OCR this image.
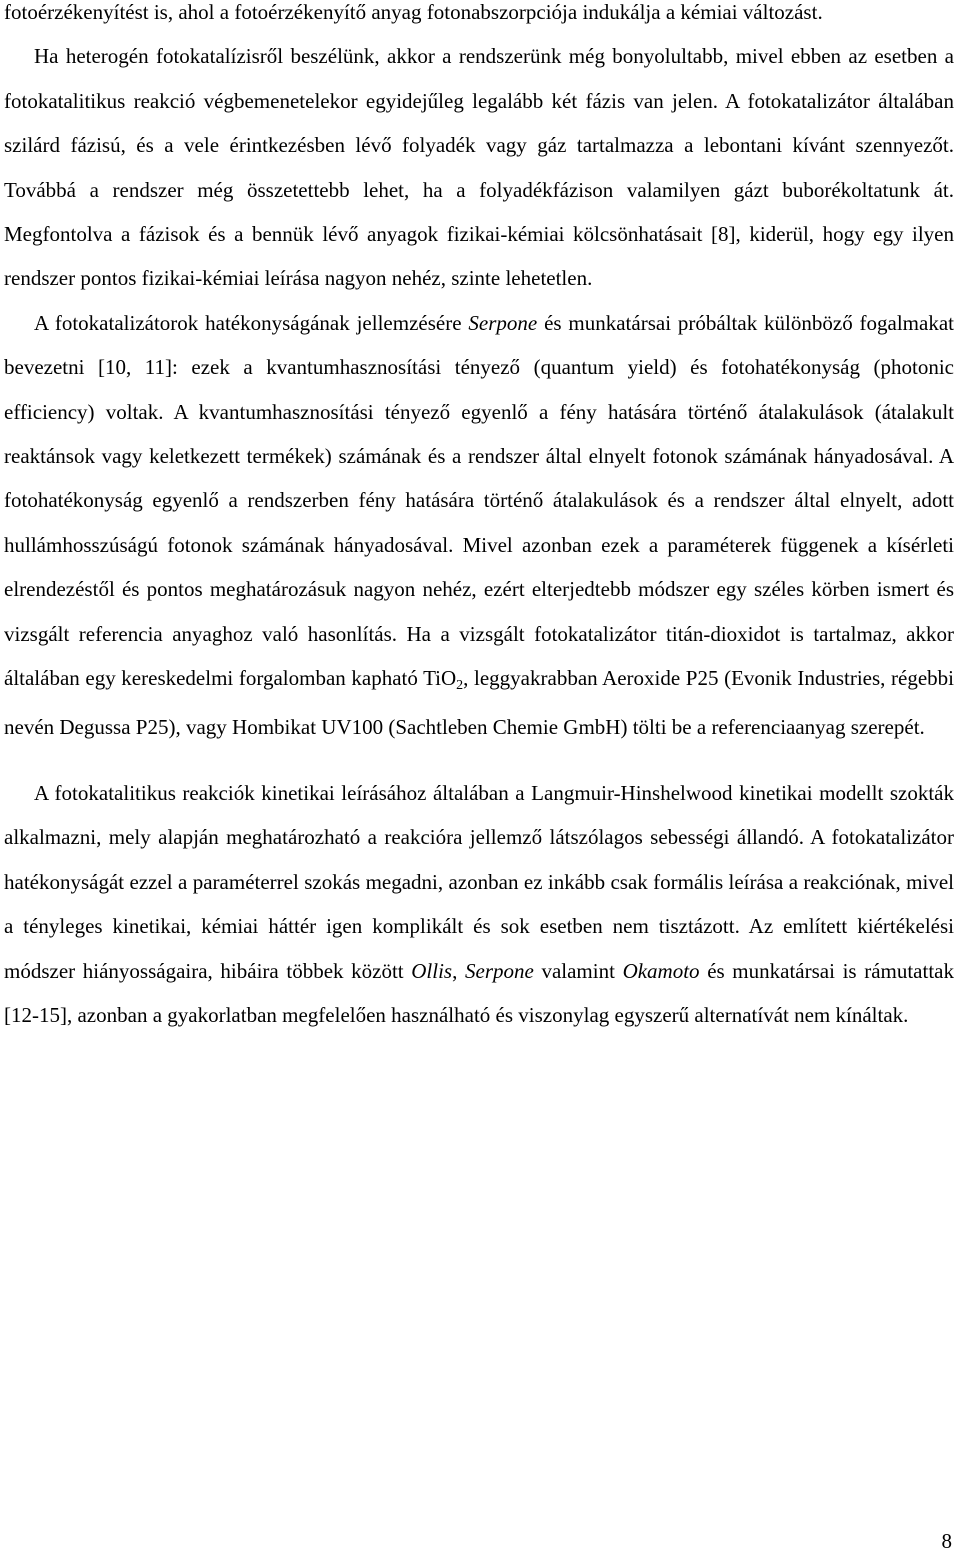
fotoérzékenyítést is, ahol a fotoérzékenyítő anyag fotonabszorpciója indukálja a kémiai változást.

Ha heterogén fotokatalízisről beszélünk, akkor a rendszerünk még bonyolultabb, mivel ebben az esetben a fotokatalitikus reakció végbemenetelekor egyidejűleg legalább két fázis van jelen. A fotokatalizátor általában szilárd fázisú, és a vele érintkezésben lévő folyadék vagy gáz tartalmazza a lebontani kívánt szennyezőt. Továbbá a rendszer még összetettebb lehet, ha a folyadékfázison valamilyen gázt buborékoltatunk át. Megfontolva a fázisok és a bennük lévő anyagok fizikai-kémiai kölcsönhatásait [8], kiderül, hogy egy ilyen rendszer pontos fizikai-kémiai leírása nagyon nehéz, szinte lehetetlen.

A fotokatalizátorok hatékonyságának jellemzésére Serpone és munkatársai próbáltak különböző fogalmakat bevezetni [10, 11]: ezek a kvantumhasznosítási tényező (quantum yield) és fotohatékonyság (photonic efficiency) voltak. A kvantumhasznosítási tényező egyenlő a fény hatására történő átalakulások (átalakult reaktánsok vagy keletkezett termékek) számának és a rendszer által elnyelt fotonok számának hányadosával. A fotohatékonyság egyenlő a rendszerben fény hatására történő átalakulások és a rendszer által elnyelt, adott hullámhosszúságú fotonok számának hányadosával. Mivel azonban ezek a paraméterek függenek a kísérleti elrendezéstől és pontos meghatározásuk nagyon nehéz, ezért elterjedtebb módszer egy széles körben ismert és vizsgált referencia anyaghoz való hasonlítás. Ha a vizsgált fotokatalizátor titán-dioxidot is tartalmaz, akkor általában egy kereskedelmi forgalomban kapható TiO$_2$, leggyakrabban Aeroxide P25 (Evonik Industries, régebbi nevén Degussa P25), vagy Hombikat UV100 (Sachtleben Chemie GmbH) tölti be a referenciaanyag szerepét.

A fotokatalitikus reakciók kinetikai leírásához általában a Langmuir-Hinshelwood kinetikai modellt szokták alkalmazni, mely alapján meghatározható a reakcióra jellemző látszólagos sebességi állandó. A fotokatalizátor hatékonyságát ezzel a paraméterrel szokás megadni, azonban ez inkább csak formális leírása a reakciónak, mivel a tényleges kinetikai, kémiai háttér igen komplikált és sok esetben nem tisztázott. Az említett kiértékelési módszer hiányosságaira, hibáira többek között Ollis, Serpone valamint Okamoto és munkatársai is rámutattak [12-15], azonban a gyakorlatban megfelelően használható és viszonylag egyszerű alternatívát nem kínáltak.

8
